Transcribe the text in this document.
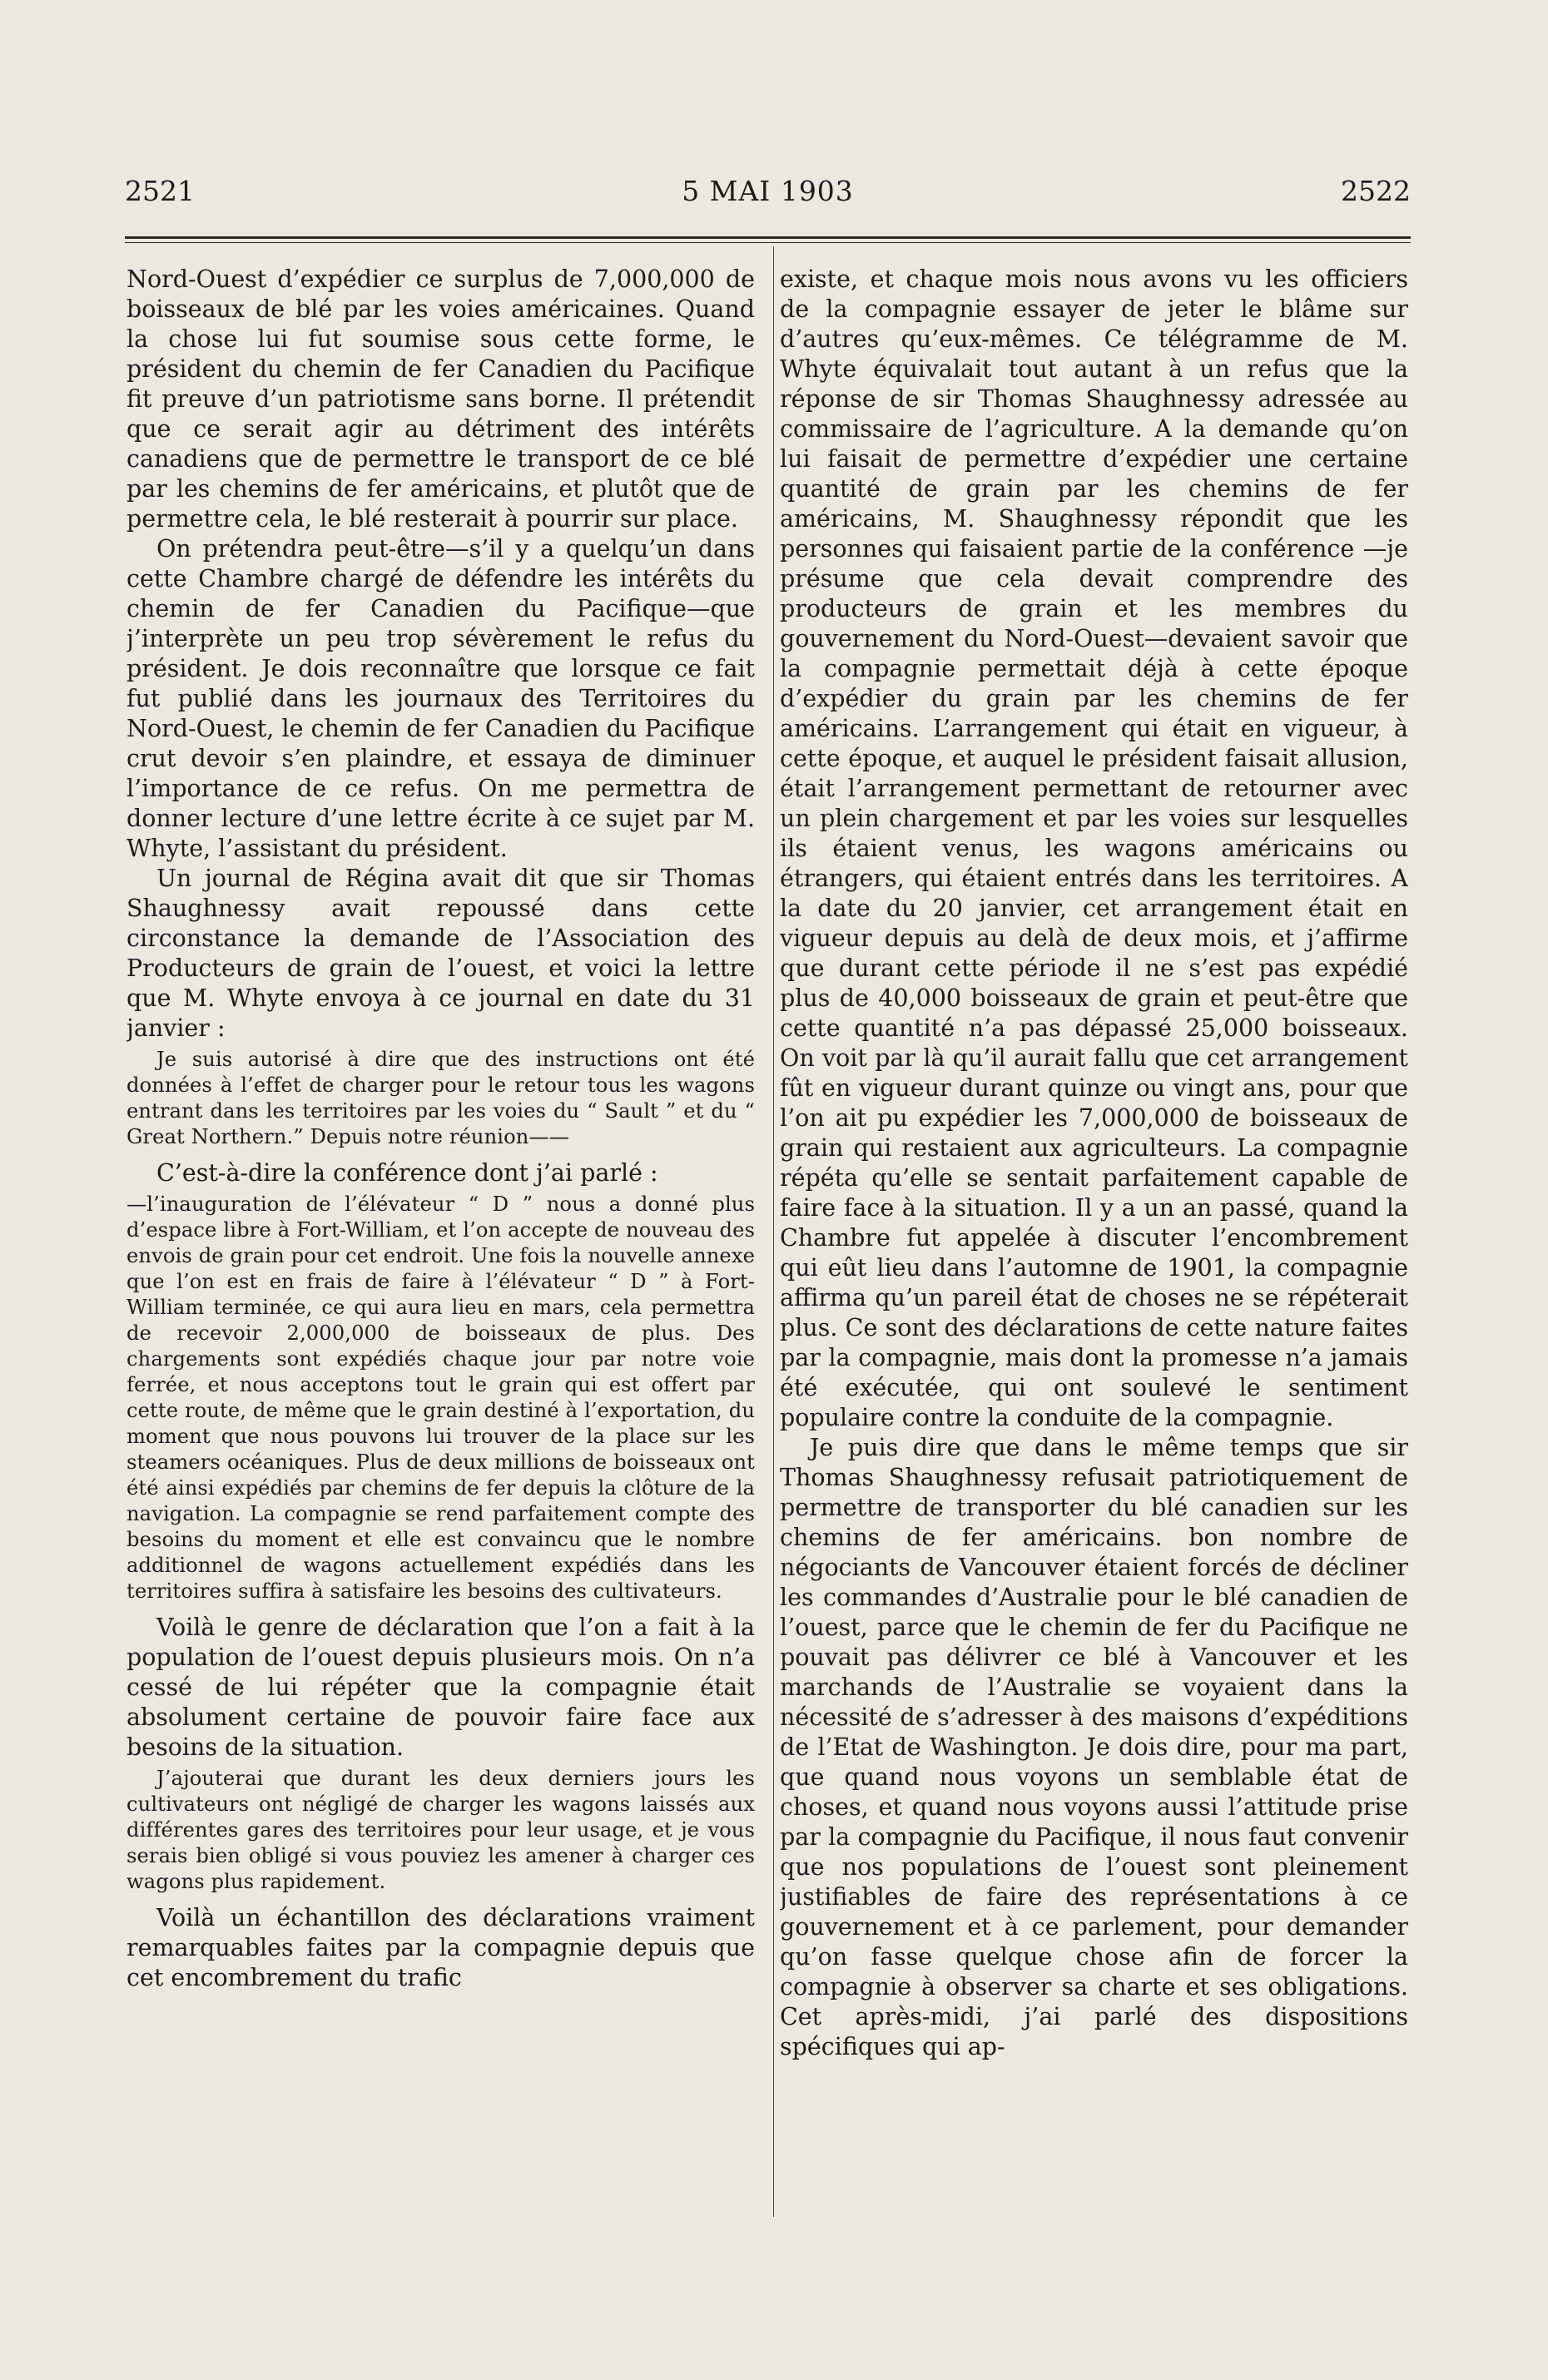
2521	5 MAI 1903	2522

Nord-Ouest d’expédier ce surplus de 7,000,000 de boisseaux de blé par les voies américaines. Quand la chose lui fut soumise sous cette forme, le président du chemin de fer Canadien du Pacifique fit preuve d’un patriotisme sans borne. Il prétendit que ce serait agir au détriment des intérêts canadiens que de permettre le transport de ce blé par les chemins de fer américains, et plutôt que de permettre cela, le blé resterait à pourrir sur place.

On prétendra peut-être—s’il y a quelqu’un dans cette Chambre chargé de défendre les intérêts du chemin de fer Canadien du Pacifique—que j’interprète un peu trop sévèrement le refus du président. Je dois reconnaître que lorsque ce fait fut publié dans les journaux des Territoires du Nord-Ouest, le chemin de fer Canadien du Pacifique crut devoir s’en plaindre, et essaya de diminuer l’importance de ce refus. On me permettra de donner lecture d’une lettre écrite à ce sujet par M. Whyte, l’assistant du président.

Un journal de Régina avait dit que sir Thomas Shaughnessy avait repoussé dans cette circonstance la demande de l’Association des Producteurs de grain de l’ouest, et voici la lettre que M. Whyte envoya à ce journal en date du 31 janvier :

Je suis autorisé à dire que des instructions ont été données à l’effet de charger pour le retour tous les wagons entrant dans les territoires par les voies du “ Sault ” et du “ Great Northern.” Depuis notre réunion——

C’est-à-dire la conférence dont j’ai parlé :

—l’inauguration de l’élévateur “ D ” nous a donné plus d’espace libre à Fort-William, et l’on accepte de nouveau des envois de grain pour cet endroit. Une fois la nouvelle annexe que l’on est en frais de faire à l’élévateur “ D ” à Fort-William terminée, ce qui aura lieu en mars, cela permettra de recevoir 2,000,000 de boisseaux de plus. Des chargements sont expédiés chaque jour par notre voie ferrée, et nous acceptons tout le grain qui est offert par cette route, de même que le grain destiné à l’exportation, du moment que nous pouvons lui trouver de la place sur les steamers océaniques. Plus de deux millions de boisseaux ont été ainsi expédiés par chemins de fer depuis la clôture de la navigation. La compagnie se rend parfaitement compte des besoins du moment et elle est convaincu que le nombre additionnel de wagons actuellement expédiés dans les territoires suffira à satisfaire les besoins des cultivateurs.

Voilà le genre de déclaration que l’on a fait à la population de l’ouest depuis plusieurs mois. On n’a cessé de lui répéter que la compagnie était absolument certaine de pouvoir faire face aux besoins de la situation.

J’ajouterai que durant les deux derniers jours les cultivateurs ont négligé de charger les wagons laissés aux différentes gares des territoires pour leur usage, et je vous serais bien obligé si vous pouviez les amener à charger ces wagons plus rapidement.

Voilà un échantillon des déclarations vraiment remarquables faites par la compagnie depuis que cet encombrement du trafic

existe, et chaque mois nous avons vu les officiers de la compagnie essayer de jeter le blâme sur d’autres qu’eux-mêmes. Ce télégramme de M. Whyte équivalait tout autant à un refus que la réponse de sir Thomas Shaughnessy adressée au commissaire de l’agriculture. A la demande qu’on lui faisait de permettre d’expédier une certaine quantité de grain par les chemins de fer américains, M. Shaughnessy répondit que les personnes qui faisaient partie de la conférence —je présume que cela devait comprendre des producteurs de grain et les membres du gouvernement du Nord-Ouest—devaient savoir que la compagnie permettait déjà à cette époque d’expédier du grain par les chemins de fer américains. L’arrangement qui était en vigueur, à cette époque, et auquel le président faisait allusion, était l’arrangement permettant de retourner avec un plein chargement et par les voies sur lesquelles ils étaient venus, les wagons américains ou étrangers, qui étaient entrés dans les territoires. A la date du 20 janvier, cet arrangement était en vigueur depuis au delà de deux mois, et j’affirme que durant cette période il ne s’est pas expédié plus de 40,000 boisseaux de grain et peut-être que cette quantité n’a pas dépassé 25,000 boisseaux. On voit par là qu’il aurait fallu que cet arrangement fût en vigueur durant quinze ou vingt ans, pour que l’on ait pu expédier les 7,000,000 de boisseaux de grain qui restaient aux agriculteurs. La compagnie répéta qu’elle se sentait parfaitement capable de faire face à la situation. Il y a un an passé, quand la Chambre fut appelée à discuter l’encombrement qui eût lieu dans l’automne de 1901, la compagnie affirma qu’un pareil état de choses ne se répéterait plus. Ce sont des déclarations de cette nature faites par la compagnie, mais dont la promesse n’a jamais été exécutée, qui ont soulevé le sentiment populaire contre la conduite de la compagnie.

Je puis dire que dans le même temps que sir Thomas Shaughnessy refusait patriotiquement de permettre de transporter du blé canadien sur les chemins de fer américains. bon nombre de négociants de Vancouver étaient forcés de décliner les commandes d’Australie pour le blé canadien de l’ouest, parce que le chemin de fer du Pacifique ne pouvait pas délivrer ce blé à Vancouver et les marchands de l’Australie se voyaient dans la nécessité de s’adresser à des maisons d’expéditions de l’Etat de Washington. Je dois dire, pour ma part, que quand nous voyons un semblable état de choses, et quand nous voyons aussi l’attitude prise par la compagnie du Pacifique, il nous faut convenir que nos populations de l’ouest sont pleinement justifiables de faire des représentations à ce gouvernement et à ce parlement, pour demander qu’on fasse quelque chose afin de forcer la compagnie à observer sa charte et ses obligations. Cet après-midi, j’ai parlé des dispositions spécifiques qui ap-
